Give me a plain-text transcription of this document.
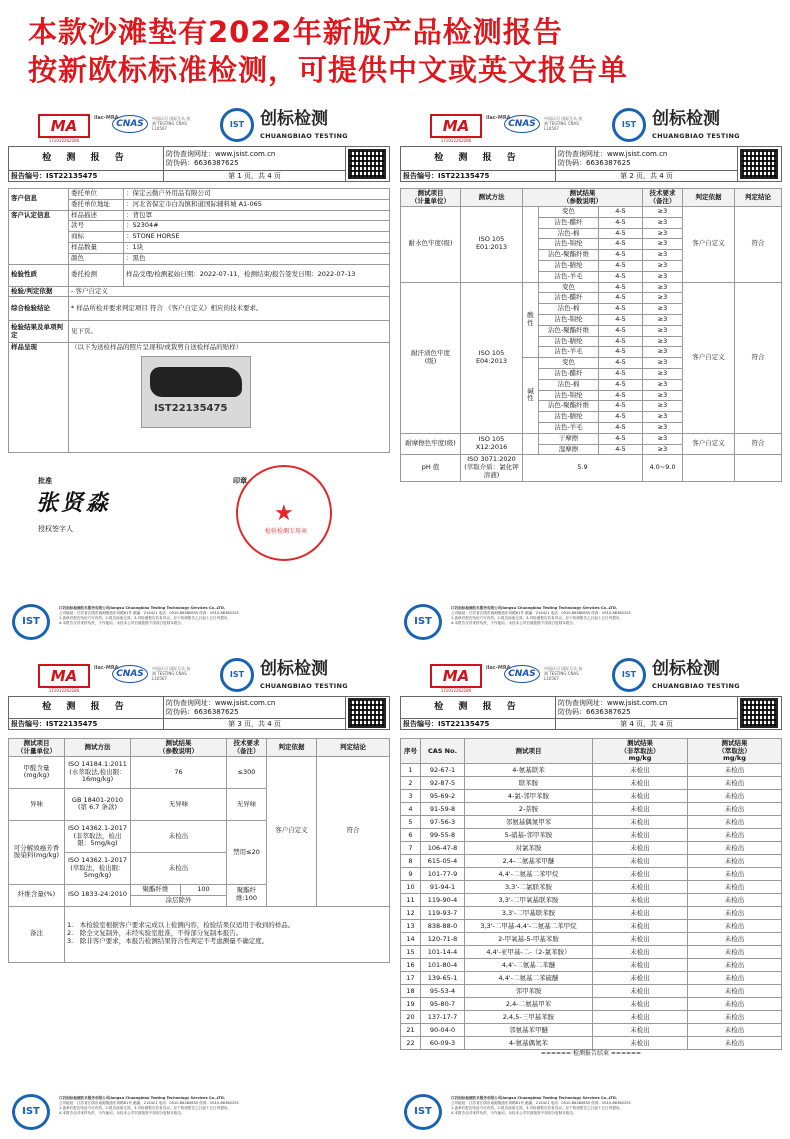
本款沙滩垫有2022年新版产品检测报告
按新欧标标准检测，可提供中文或英文报告单
MA
171012262286
ilac-MRA
CNAS
中国认可 国际互认 检测 TESTING CNAS L10567	IST 创标检测
CHUANGBIAO TESTING
检 测 报 告	防伪查询网址：www.jsist.com.cn
防伪码：6636387625	

报告编号：IST22135475	第 1 页，共 4 页	
客户信息	委托单位	：保定云勤户外用品有限公司
	委托单位地址	：河北省保定市白沟镇和道国际辅料城 A1-065
客户认定信息	样品描述	：背包罩
	款号	：S2304#
	商标	：STONE HORSE
	样品数量	：1块
	颜色	：黑色
检验性质	委托检测	样品受理/检测起始日期：2022-07-11，检测结束/报告签发日期：2022-07-13
检验/判定依据	- 客户自定义	
综合检验结论	* 样品所检并要求判定项目 符合 《客户自定义》相应的技术要求。	
检验结果及单项判定	见下页。	
样品呈现	（以下为送检样品的照片呈现和/或裁剪自送检样品的贴样）
IST22135475	
批准
张贤淼
授权签字人
印章
★
检验检测专用章
MA
171012262286
ilac-MRA
CNAS
中国认可 国际互认 检测 TESTING CNAS L10567	IST 创标检测
CHUANGBIAO TESTING
检 测 报 告	防伪查询网址：www.jsist.com.cn
防伪码：6636387625	

报告编号：IST22135475	第 2 页，共 4 页	
测试项目
（计量单位）	测试方法	测试结果
（参数说明）			技术要求
（备注）	判定依据	判定结论
耐水色牢度(级)	ISO 105 E01:2013		变色	4-5	≥3	客户自定义	符合
			沾色-醋纤	4-5	≥3		
			沾色-棉	4-5	≥3		
			沾色-锦纶	4-5	≥3		
			沾色-聚酯纤维	4-5	≥3		
			沾色-腈纶	4-5	≥3		
			沾色-羊毛	4-5	≥3		
耐汗渍色牢度
(级)	ISO 105 E04:2013	酸性	变色	4-5	≥3	客户自定义	符合
			沾色-醋纤	4-5	≥3		
			沾色-棉	4-5	≥3		
			沾色-锦纶	4-5	≥3		
			沾色-聚酯纤维	4-5	≥3		
			沾色-腈纶	4-5	≥3		
			沾色-羊毛	4-5	≥3		
		碱性	变色	4-5	≥3		
			沾色-醋纤	4-5	≥3		
			沾色-棉	4-5	≥3		
			沾色-锦纶	4-5	≥3		
			沾色-聚酯纤维	4-5	≥3		
			沾色-腈纶	4-5	≥3		
			沾色-羊毛	4-5	≥3		
耐摩擦色牢度(级)	ISO 105 X12:2016		干摩擦	4-5	≥3	客户自定义	符合
			湿摩擦	4-5	≥3		
pH 值	ISO 3071:2020
(萃取介质：氯化钾溶液)	5.9			4.0~9.0		
MA
171012262286
ilac-MRA
CNAS
中国认可 国际互认 检测 TESTING CNAS L10567	IST 创标检测
CHUANGBIAO TESTING
检 测 报 告	防伪查询网址：www.jsist.com.cn
防伪码：6636387625	

报告编号：IST22135475	第 3 页，共 4 页	
测试项目
（计量单位）	测试方法	测试结果
（参数说明）		技术要求
（备注）	判定依据	判定结论
甲醛含量 (mg/kg)	ISO 14184.1:2011
(水萃取法,检出限：16mg/kg)	76		≤300	客户自定义	符合
异味	GB 18401-2010
(第 6.7 条款)	无异味		无异味		
可分解致癌芳香胺染料(mg/kg)	ISO 14362.1-2017
(非萃取法，检出限：5mg/kg)	未检出		禁用≤20		
	ISO 14362.1-2017
(萃取法，检出限：5mg/kg)	未检出				
纤维含量(%)	ISO 1833-24:2010	聚酯纤维	100	聚酯纤维:100		
		涂层除外				
备注	1.　本检验室根据客户要求完成以上检测内容，检验结果仅适用于收到的样品。
2.　除全文复制外，未经实验室批准，不得部分复制本报告。
3.　除非客户要求，本报告检测结果符合性判定不考虑测量不确定度。					
MA
171012262286
ilac-MRA
CNAS
中国认可 国际互认 检测 TESTING CNAS L10567	IST 创标检测
CHUANGBIAO TESTING
检 测 报 告	防伪查询网址：www.jsist.com.cn
防伪码：6636387625	

报告编号：IST22135475	第 4 页，共 4 页	
序号	CAS No.	测试项目	测试结果
（非萃取法）
mg/kg	测试结果
（萃取法）
mg/kg
1	92-67-1	4-氨基联苯	未检出	未检出
2	92-87-5	联苯胺	未检出	未检出
3	95-69-2	4-氯-邻甲苯胺	未检出	未检出
4	91-59-8	2-萘胺	未检出	未检出
5	97-56-3	邻氨基偶氮甲苯	未检出	未检出
6	99-55-8	5-硝基-邻甲苯胺	未检出	未检出
7	106-47-8	对氯苯胺	未检出	未检出
8	615-05-4	2,4-二氨基苯甲醚	未检出	未检出
9	101-77-9	4,4'-二氨基二苯甲烷	未检出	未检出
10	91-94-1	3,3'-二氯联苯胺	未检出	未检出
11	119-90-4	3,3'-二甲氧基联苯胺	未检出	未检出
12	119-93-7	3,3'-二甲基联苯胺	未检出	未检出
13	838-88-0	3,3'-二甲基-4,4'-二氨基二苯甲烷	未检出	未检出
14	120-71-8	2-甲氧基-5-甲基苯胺	未检出	未检出
15	101-14-4	4,4'-亚甲基-二-（2-氯苯胺）	未检出	未检出
16	101-80-4	4,4'-二氨基二苯醚	未检出	未检出
17	139-65-1	4,4'-二氨基二苯硫醚	未检出	未检出
18	95-53-4	邻甲苯胺	未检出	未检出
19	95-80-7	2,4-二氨基甲苯	未检出	未检出
20	137-17-7	2,4,5-三甲基苯胺	未检出	未检出
21	90-04-0	邻氨基苯甲醚	未检出	未检出
22	60-09-3	4-氨基偶氮苯	未检出	未检出
====== 检测报告结束 ======
IST
江苏创标检测技术服务有限公司Jiangsu Chuangbiao Testing Technology Services Co.,LTD.
公司地址：江苏省江阴市南闸街道东风路81号 邮编：214421 电话：0510-86380655 传真：0510-86380255
1.盖章后报告结论方可有效。2.报告涂改无效。3.对检测报告若有异议，应于收到报告之日起十五日内提出。
4.本报告仅对来样负责，不作他用，未经本公司书面批准不得部分复制本报告。	IST
江苏创标检测技术服务有限公司Jiangsu Chuangbiao Testing Technology Services Co.,LTD.
公司地址：江苏省江阴市南闸街道东风路81号 邮编：214421 电话：0510-86380655 传真：0510-86380255
1.盖章后报告结论方可有效。2.报告涂改无效。3.对检测报告若有异议，应于收到报告之日起十五日内提出。
4.本报告仅对来样负责，不作他用，未经本公司书面批准不得部分复制本报告。
IST
江苏创标检测技术服务有限公司Jiangsu Chuangbiao Testing Technology Services Co.,LTD.
公司地址：江苏省江阴市南闸街道东风路81号 邮编：214421 电话：0510-86380655 传真：0510-86380255
1.盖章后报告结论方可有效。2.报告涂改无效。3.对检测报告若有异议，应于收到报告之日起十五日内提出。
4.本报告仅对来样负责，不作他用，未经本公司书面批准不得部分复制本报告。	IST
江苏创标检测技术服务有限公司Jiangsu Chuangbiao Testing Technology Services Co.,LTD.
公司地址：江苏省江阴市南闸街道东风路81号 邮编：214421 电话：0510-86380655 传真：0510-86380255
1.盖章后报告结论方可有效。2.报告涂改无效。3.对检测报告若有异议，应于收到报告之日起十五日内提出。
4.本报告仅对来样负责，不作他用，未经本公司书面批准不得部分复制本报告。
